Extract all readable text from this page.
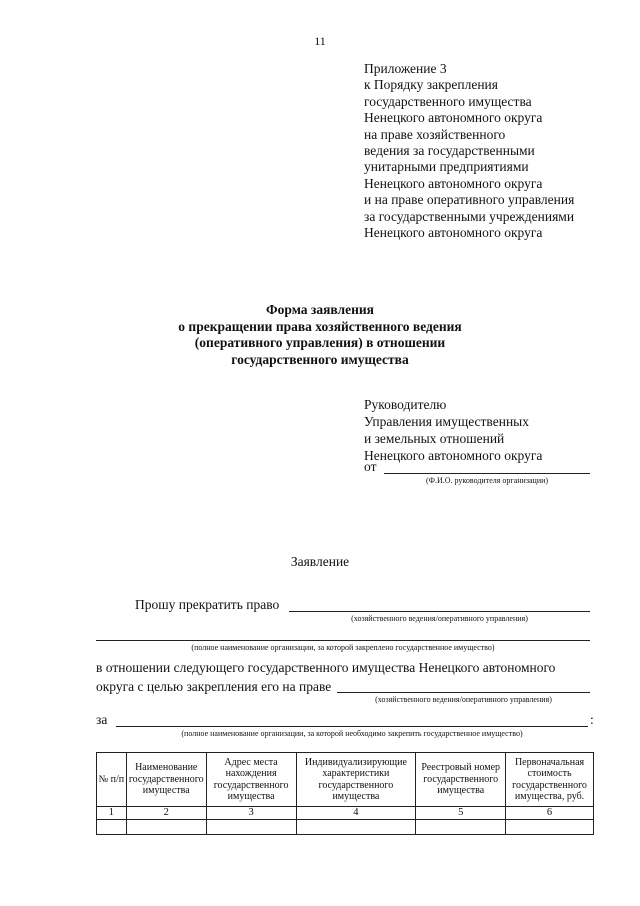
11
Приложение 3
к Порядку закрепления
государственного имущества
Ненецкого автономного округа
на праве хозяйственного
ведения за государственными
унитарными предприятиями
Ненецкого автономного округа
и на праве оперативного управления
за государственными учреждениями
Ненецкого автономного округа
Форма заявления
о прекращении права хозяйственного ведения
(оперативного управления) в отношении
государственного имущества
Руководителю
Управления имущественных
и земельных отношений
Ненецкого автономного округа
от
(Ф.И.О. руководителя организации)
Заявление
Прошу прекратить право
(хозяйственного ведения/оперативного управления)
(полное наименование организации, за которой закреплено государственное имущество)
в отношении следующего государственного имущества Ненецкого автономного
округа с целью закрепления его на праве
(хозяйственного ведения/оперативного управления)
за	:
(полное наименование организации, за которой необходимо закрепить государственное имущество)
№ п/п	Наименование государственного имущества	Адрес места нахождения государственного имущества	Индивидуализирующие характеристики государственного имущества	Реестровый номер государственного имущества	Первоначальная стоимость государственного имущества, руб.
1	2	3	4	5	6
